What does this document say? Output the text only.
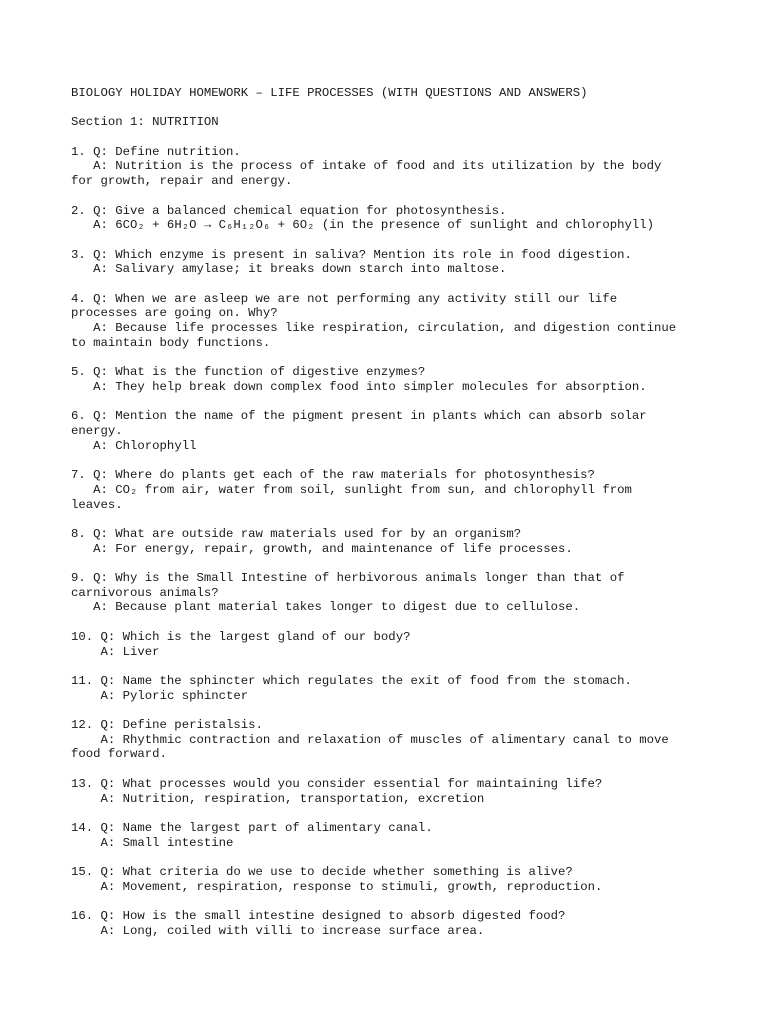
BIOLOGY HOLIDAY HOMEWORK – LIFE PROCESSES (WITH QUESTIONS AND ANSWERS)
Section 1: NUTRITION
1. Q: Define nutrition.
A: Nutrition is the process of intake of food and its utilization by the body
for growth, repair and energy.
2. Q: Give a balanced chemical equation for photosynthesis.
A: 6CO₂ + 6H₂O → C₆H₁₂O₆ + 6O₂ (in the presence of sunlight and chlorophyll)
3. Q: Which enzyme is present in saliva? Mention its role in food digestion.
A: Salivary amylase; it breaks down starch into maltose.
4. Q: When we are asleep we are not performing any activity still our life
processes are going on. Why?
A: Because life processes like respiration, circulation, and digestion continue
to maintain body functions.
5. Q: What is the function of digestive enzymes?
A: They help break down complex food into simpler molecules for absorption.
6. Q: Mention the name of the pigment present in plants which can absorb solar
energy.
A: Chlorophyll
7. Q: Where do plants get each of the raw materials for photosynthesis?
A: CO₂ from air, water from soil, sunlight from sun, and chlorophyll from
leaves.
8. Q: What are outside raw materials used for by an organism?
A: For energy, repair, growth, and maintenance of life processes.
9. Q: Why is the Small Intestine of herbivorous animals longer than that of
carnivorous animals?
A: Because plant material takes longer to digest due to cellulose.
10. Q: Which is the largest gland of our body?
A: Liver
11. Q: Name the sphincter which regulates the exit of food from the stomach.
A: Pyloric sphincter
12. Q: Define peristalsis.
A: Rhythmic contraction and relaxation of muscles of alimentary canal to move
food forward.
13. Q: What processes would you consider essential for maintaining life?
A: Nutrition, respiration, transportation, excretion
14. Q: Name the largest part of alimentary canal.
A: Small intestine
15. Q: What criteria do we use to decide whether something is alive?
A: Movement, respiration, response to stimuli, growth, reproduction.
16. Q: How is the small intestine designed to absorb digested food?
A: Long, coiled with villi to increase surface area.
